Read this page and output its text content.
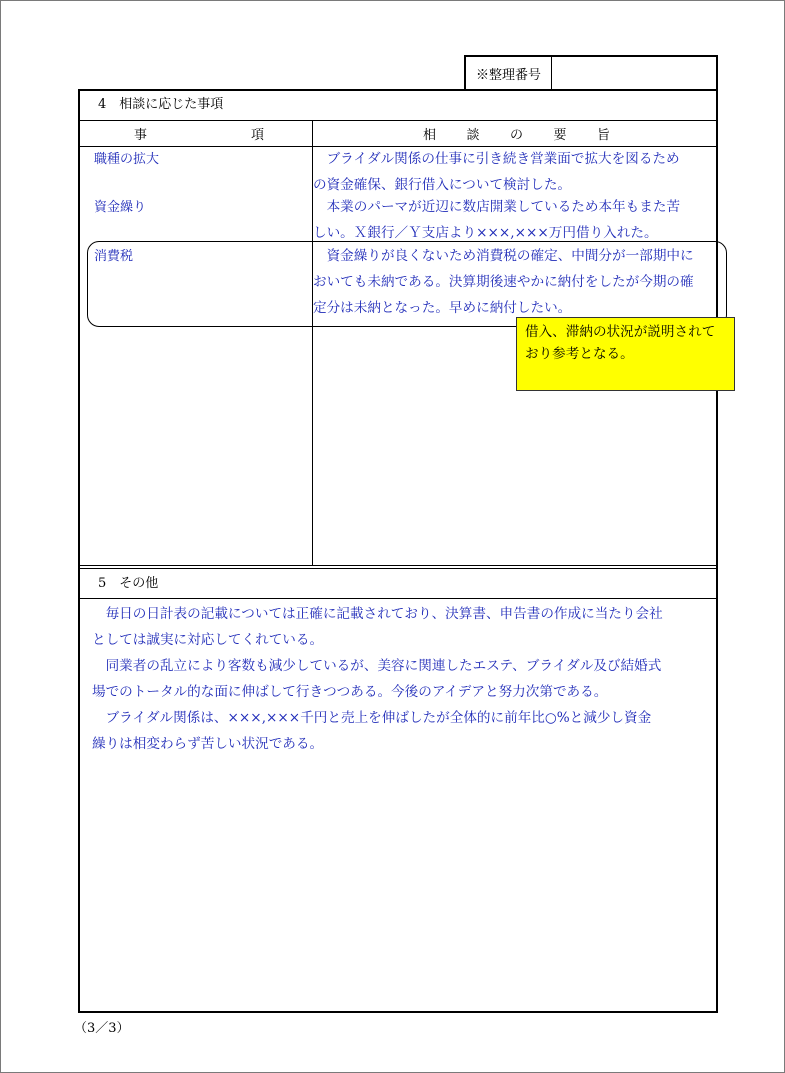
※整理番号
4　相談に応じた事項
事	項	相 談 の 要 旨
職種の拡大	　ブライダル関係の仕事に引き続き営業面で拡大を図るため
の資金確保、銀行借入について検討した。
資金繰り	　本業のパーマが近辺に数店開業しているため本年もまた苦
しい。Ｘ銀行／Ｙ支店より×××,×××万円借り入れた。
消費税	　資金繰りが良くないため消費税の確定、中間分が一部期中に
おいても未納である。決算期後速やかに納付をしたが今期の確
定分は未納となった。早めに納付したい。
借入、滞納の状況が説明されて
おり参考となる。
5　その他
　毎日の日計表の記載については正確に記載されており、決算書、申告書の作成に当たり会社
としては誠実に対応してくれている。
　同業者の乱立により客数も減少しているが、美容に関連したエステ、ブライダル及び結婚式
場でのトータル的な面に伸ばして行きつつある。今後のアイデアと努力次第である。
　ブライダル関係は、×××,×××千円と売上を伸ばしたが全体的に前年比○%と減少し資金
繰りは相変わらず苦しい状況である。
（3／3）
